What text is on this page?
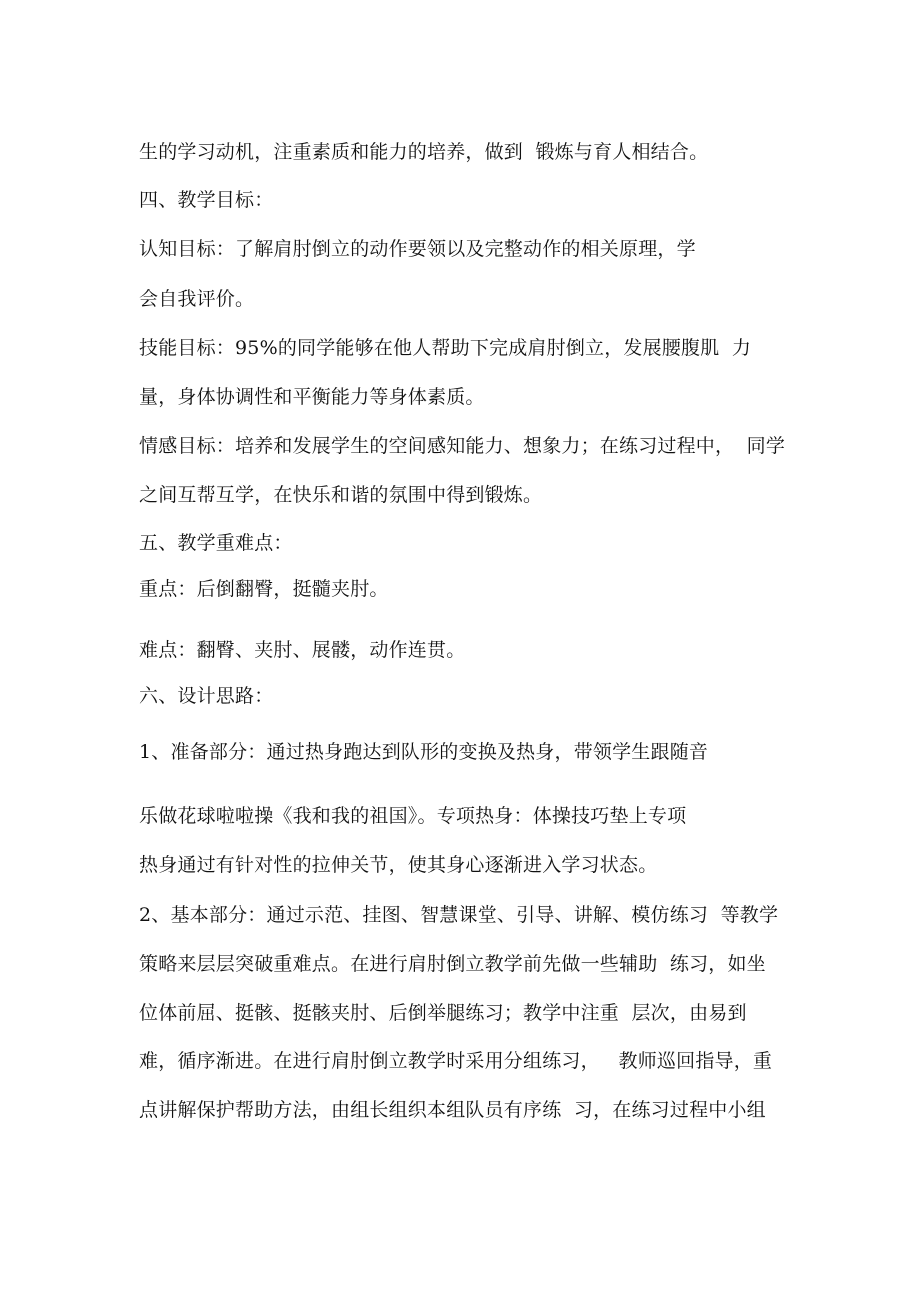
生的学习动机，注重素质和能力的培养，做到  锻炼与育人相结合。
四、教学目标：
认知目标：了解肩肘倒立的动作要领以及完整动作的相关原理，学
会自我评价。
技能目标：95%的同学能够在他人帮助下完成肩肘倒立，发展腰腹肌  力
量，身体协调性和平衡能力等身体素质。
情感目标：培养和发展学生的空间感知能力、想象力；在练习过程中，  同学
之间互帮互学，在快乐和谐的氛围中得到锻炼。
五、教学重难点：
重点：后倒翻臀，挺髓夹肘。
难点：翻臀、夹肘、展髅，动作连贯。
六、设计思路：
1、准备部分：通过热身跑达到队形的变换及热身，带领学生跟随音
乐做花球啦啦操《我和我的祖国》。专项热身：体操技巧垫上专项
热身通过有针对性的拉伸关节，使其身心逐渐进入学习状态。
2、基本部分：通过示范、挂图、智慧课堂、引导、讲解、模仿练习  等教学
策略来层层突破重难点。在进行肩肘倒立教学前先做一些辅助  练习，如坐
位体前屈、挺骸、挺骸夹肘、后倒举腿练习；教学中注重  层次，由易到
难，循序渐进。在进行肩肘倒立教学时采用分组练习，   教师巡回指导，重
点讲解保护帮助方法，由组长组织本组队员有序练  习，在练习过程中小组
